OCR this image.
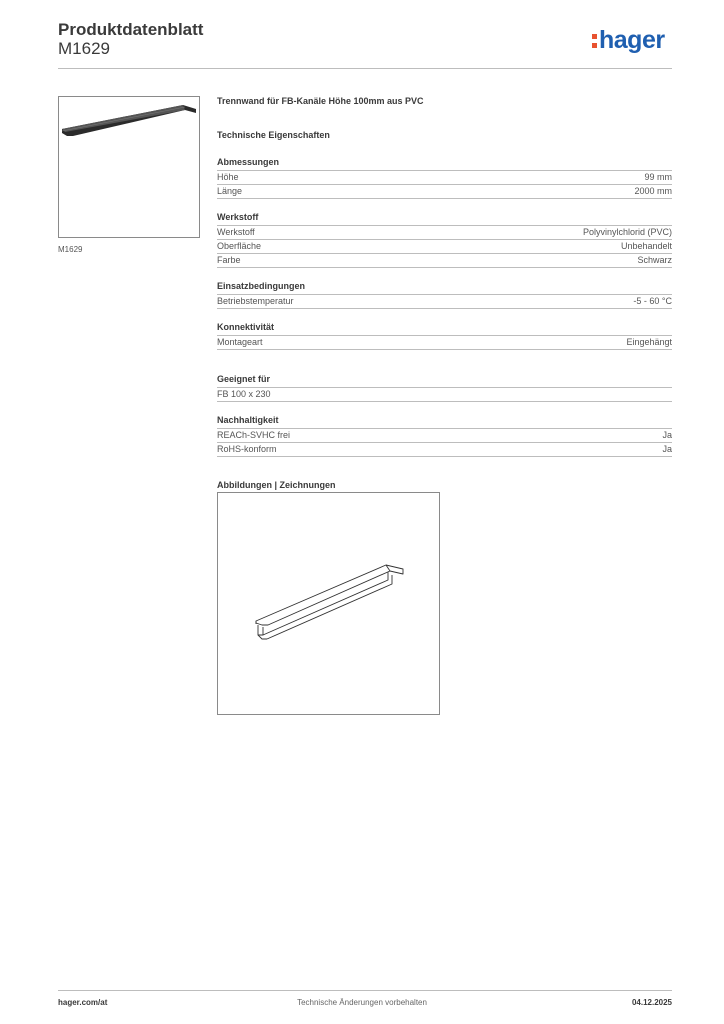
Produktdatenblatt
M1629	hager
M1629
Trennwand für FB-Kanäle Höhe 100mm aus PVC
Technische Eigenschaften
Abmessungen
Höhe	99 mm
Länge	2000 mm
Werkstoff
Werkstoff	Polyvinylchlorid (PVC)
Oberfläche	Unbehandelt
Farbe	Schwarz
Einsatzbedingungen
Betriebstemperatur	-5 - 60 °C
Konnektivität
Montageart	Eingehängt
Geeignet für
FB 100 x 230
Nachhaltigkeit
REACh-SVHC frei	Ja
RoHS-konform	Ja
Abbildungen | Zeichnungen
hager.com/at	Technische Änderungen vorbehalten	04.12.2025
